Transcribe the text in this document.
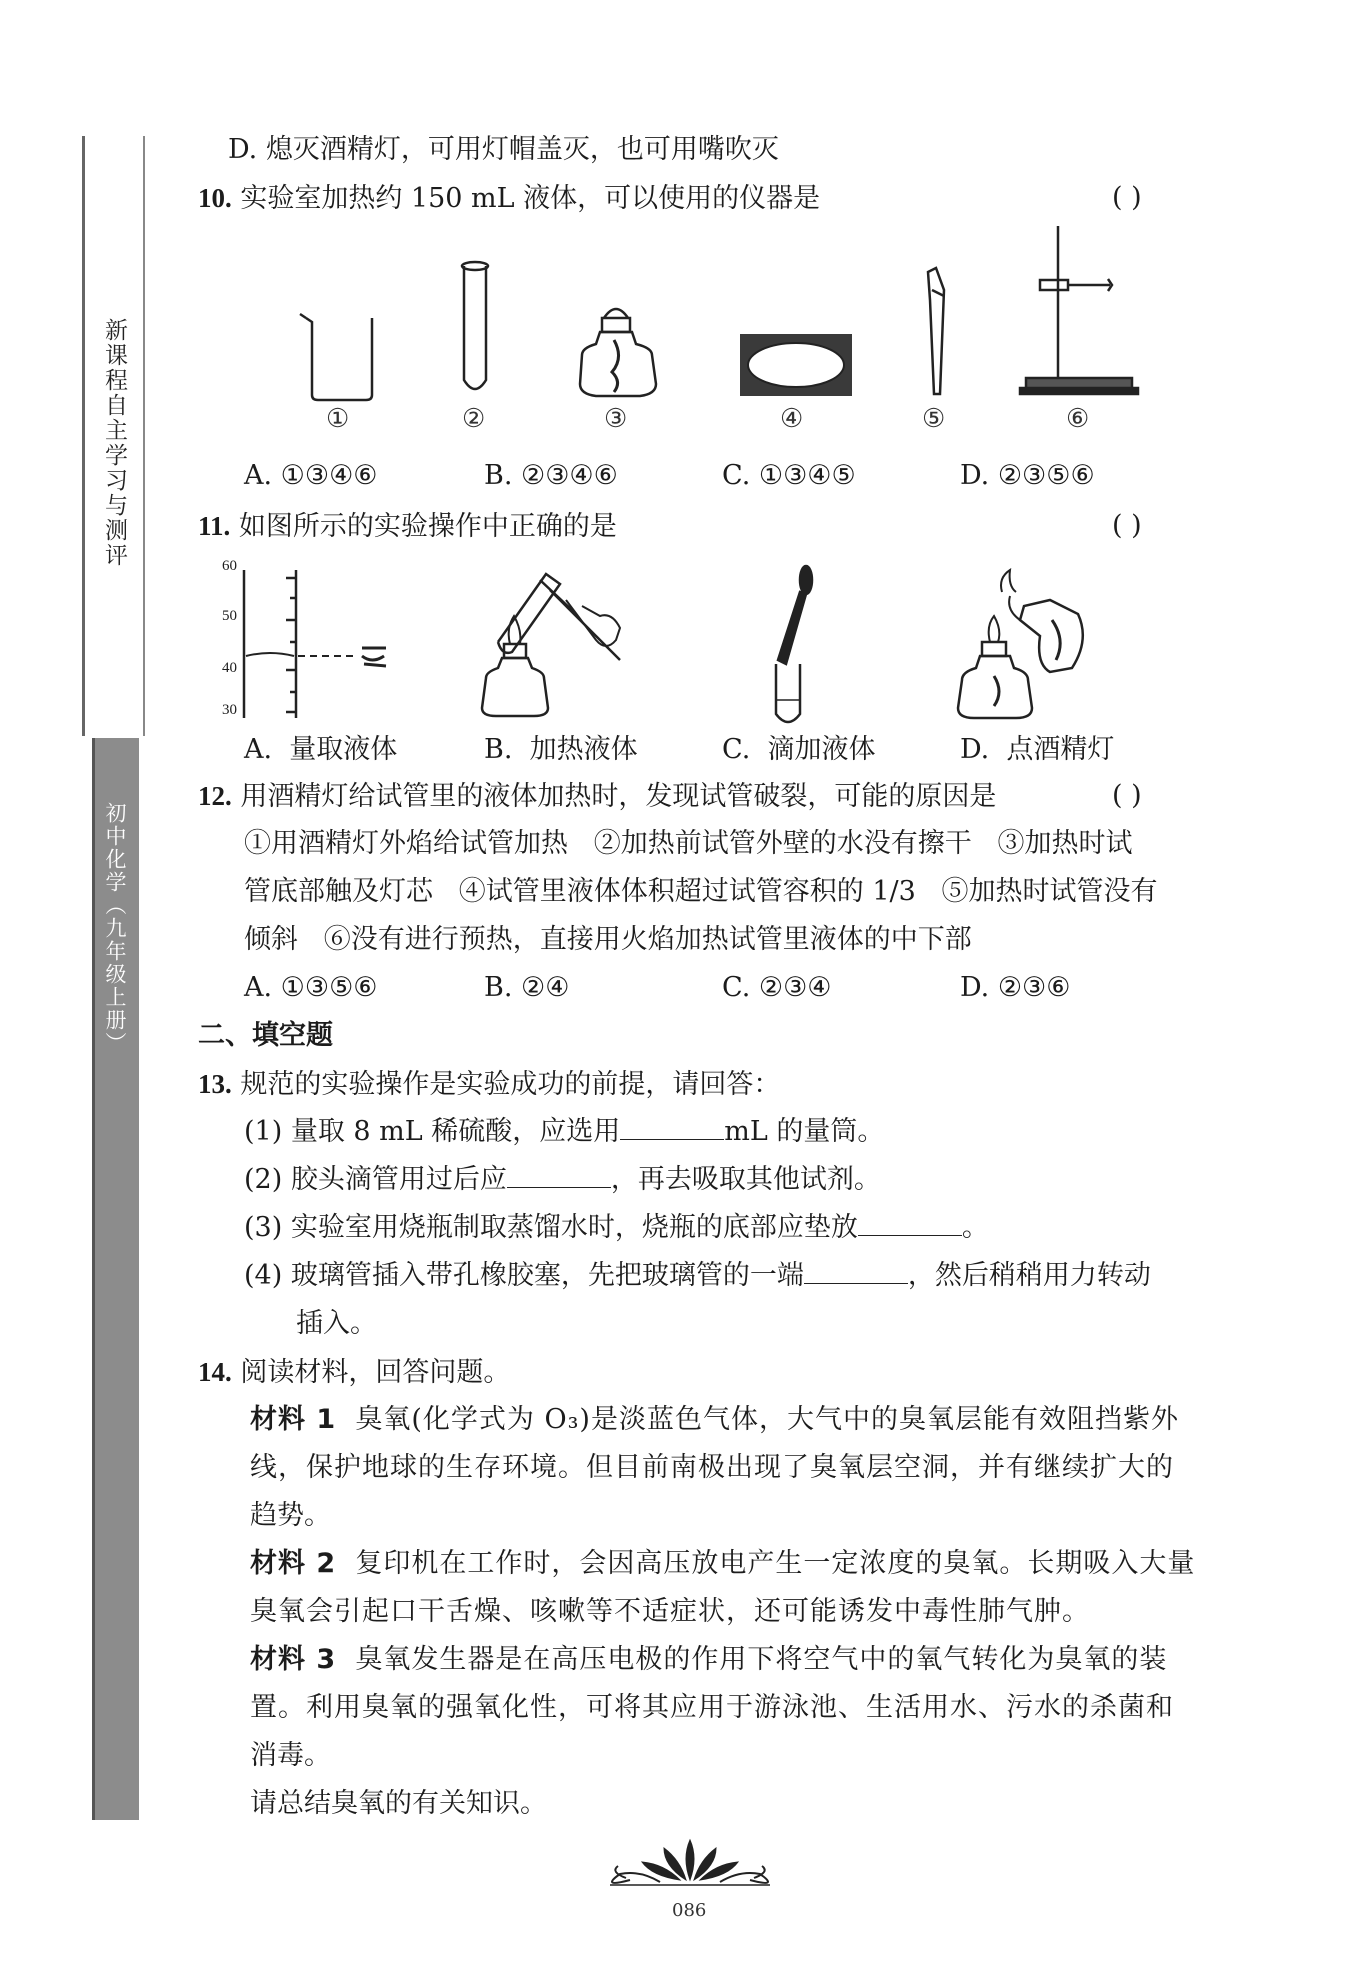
新课程自主学习与测评
初中化学（九年级上册）
D. 熄灭酒精灯，可用灯帽盖灭，也可用嘴吹灭
10. 实验室加热约 150 mL 液体，可以使用的仪器是	( )
①	②	③	④	⑤	⑥
A. ①③④⑥	B. ②③④⑥	C. ①③④⑤	D. ②③⑤⑥
11. 如图所示的实验操作中正确的是	( )
60
50
40
30
A.  量取液体	B.  加热液体	C.  滴加液体	D.  点酒精灯
12. 用酒精灯给试管里的液体加热时，发现试管破裂，可能的原因是	( )
①用酒精灯外焰给试管加热   ②加热前试管外壁的水没有擦干   ③加热时试
管底部触及灯芯   ④试管里液体体积超过试管容积的 1/3   ⑤加热时试管没有
倾斜   ⑥没有进行预热，直接用火焰加热试管里液体的中下部
A. ①③⑤⑥	B. ②④	C. ②③④	D. ②③⑥
二、填空题
13. 规范的实验操作是实验成功的前提，请回答：
(1) 量取 8 mL 稀硫酸，应选用	mL 的量筒。
(2) 胶头滴管用过后应	，再去吸取其他试剂。
(3) 实验室用烧瓶制取蒸馏水时，烧瓶的底部应垫放	。
(4) 玻璃管插入带孔橡胶塞，先把玻璃管的一端	，然后稍稍用力转动
插入。
14. 阅读材料，回答问题。
材料 1 臭氧(化学式为 O₃)是淡蓝色气体，大气中的臭氧层能有效阻挡紫外
线，保护地球的生存环境。但目前南极出现了臭氧层空洞，并有继续扩大的
趋势。
材料 2 复印机在工作时，会因高压放电产生一定浓度的臭氧。长期吸入大量
臭氧会引起口干舌燥、咳嗽等不适症状，还可能诱发中毒性肺气肿。
材料 3 臭氧发生器是在高压电极的作用下将空气中的氧气转化为臭氧的装
置。利用臭氧的强氧化性，可将其应用于游泳池、生活用水、污水的杀菌和
消毒。
请总结臭氧的有关知识。
086
